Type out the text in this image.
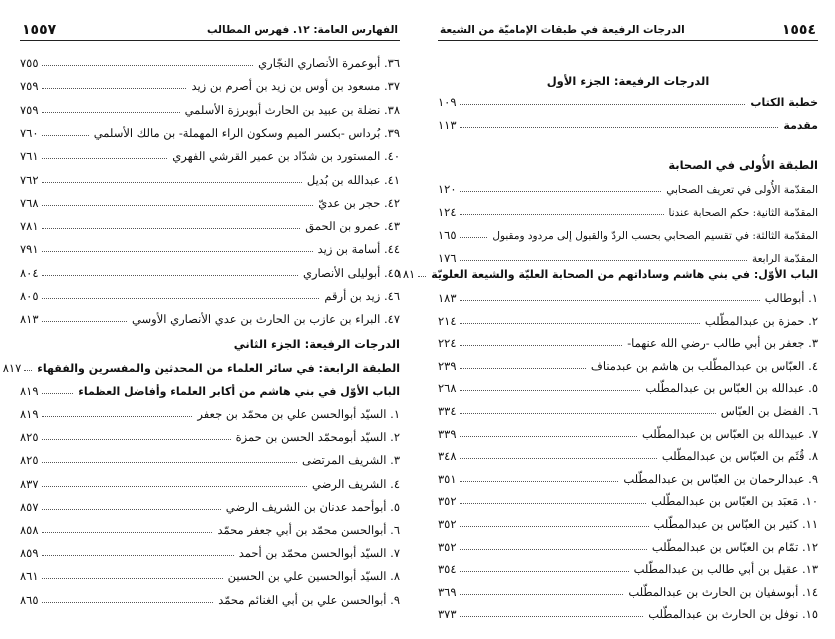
١٥٥٧	الفهارس العامة: ١٢. فهرس المطالب
٣٦. أبوعمرة الأنصاري النجّاري
٧٥٥
٣٧. مسعود بن أوس بن زيد بن أصرم بن زيد
٧٥٩
٣٨. نضلة بن عبيد بن الحارث أبوبرزة الأسلمي
٧٥٩
٣٩. بُرداس -بكسر الميم وسكون الراء المهملة- بن مالك الأسلمي
٧٦٠
٤٠. المستورد بن شدّاد بن عمير القرشي الفهري
٧٦١
٤١. عبدالله بن بُديل
٧٦٢
٤٢. حجر بن عديّ
٧٦٨
٤٣. عمرو بن الحمق
٧٨١
٤٤. أسامة بن زيد
٧٩١
٤٥. أبوليلى الأنصاري
٨٠٤
٤٦. زيد بن أرقم
٨٠٥
٤٧. البراء بن عازب بن الحارث بن عدي الأنصاري الأوسي
٨١٣
الدرجات الرفيعة: الجزء الثاني
الطبقة الرابعة: في سائر العلماء من المحدثين والمفسرين والفقهاء
٨١٧
الباب الأوّل في بني هاشم من أكابر العلماء وأفاضل العظماء
٨١٩
١. السيّد أبوالحسن علي بن محمّد بن جعفر
٨١٩
٢. السيّد أبومحمّد الحسن بن حمزة
٨٢٥
٣. الشريف المرتضى
٨٢٥
٤. الشريف الرضي
٨٣٧
٥. أبوأحمد عدنان بن الشريف الرضي
٨٥٧
٦. أبوالحسن محمّد بن أبي جعفر محمّد
٨٥٨
٧. السيّد أبوالحسن محمّد بن أحمد
٨٥٩
٨. السيّد أبوالحسين علي بن الحسين
٨٦١
٩. أبوالحسن علي بن أبي الغنائم محمّد
٨٦٥
١٥٥٤
الدرجات الرفيعة في طبقات الإماميّة من الشيعة
الدرجات الرفيعة: الجزء الأول
خطبة الكتاب
١٠٩
مقدمة
١١٣
الطبقة الأُولى في الصحابة
المقدّمة الأُولى في تعريف الصحابي
١٢٠
المقدّمة الثانية: حكم الصحابة عندنا
١٢٤
المقدّمة الثالثة: في تقسيم الصحابي بحسب الردّ والقبول إلى مردود ومقبول
١٦٥
المقدّمة الرابعة
١٧٦
الباب الأوّل: في بني هاشم وساداتهم من الصحابة العليّة والشيعة العلويّة
١٨١
١. أبوطالب
١٨٣
٢. حمزة بن عبدالمطّلب
٢١٤
٣. جعفر بن أبي طالب -رضي الله عنهما-
٢٢٤
٤. العبّاس بن عبدالمطّلب بن هاشم بن عبدمناف
٢٣٩
٥. عبدالله بن العبّاس بن عبدالمطّلب
٢٦٨
٦. الفضل بن العبّاس
٣٣٤
٧. عبيدالله بن العبّاس بن عبدالمطّلب
٣٣٩
٨. قُثَم بن العبّاس بن عبدالمطّلب
٣٤٨
٩. عبدالرحمان بن العبّاس بن عبدالمطّلب
٣٥١
١٠. مَعبَد بن العبّاس بن عبدالمطّلب
٣٥٢
١١. كثير بن العبّاس بن عبدالمطّلب
٣٥٢
١٢. تمّام بن العبّاس بن عبدالمطّلب
٣٥٢
١٣. عقيل بن أبي طالب بن عبدالمطّلب
٣٥٤
١٤. أبوسفيان بن الحارث بن عبدالمطّلب
٣٦٩
١٥. نوفل بن الحارث بن عبدالمطّلب
٣٧٣
